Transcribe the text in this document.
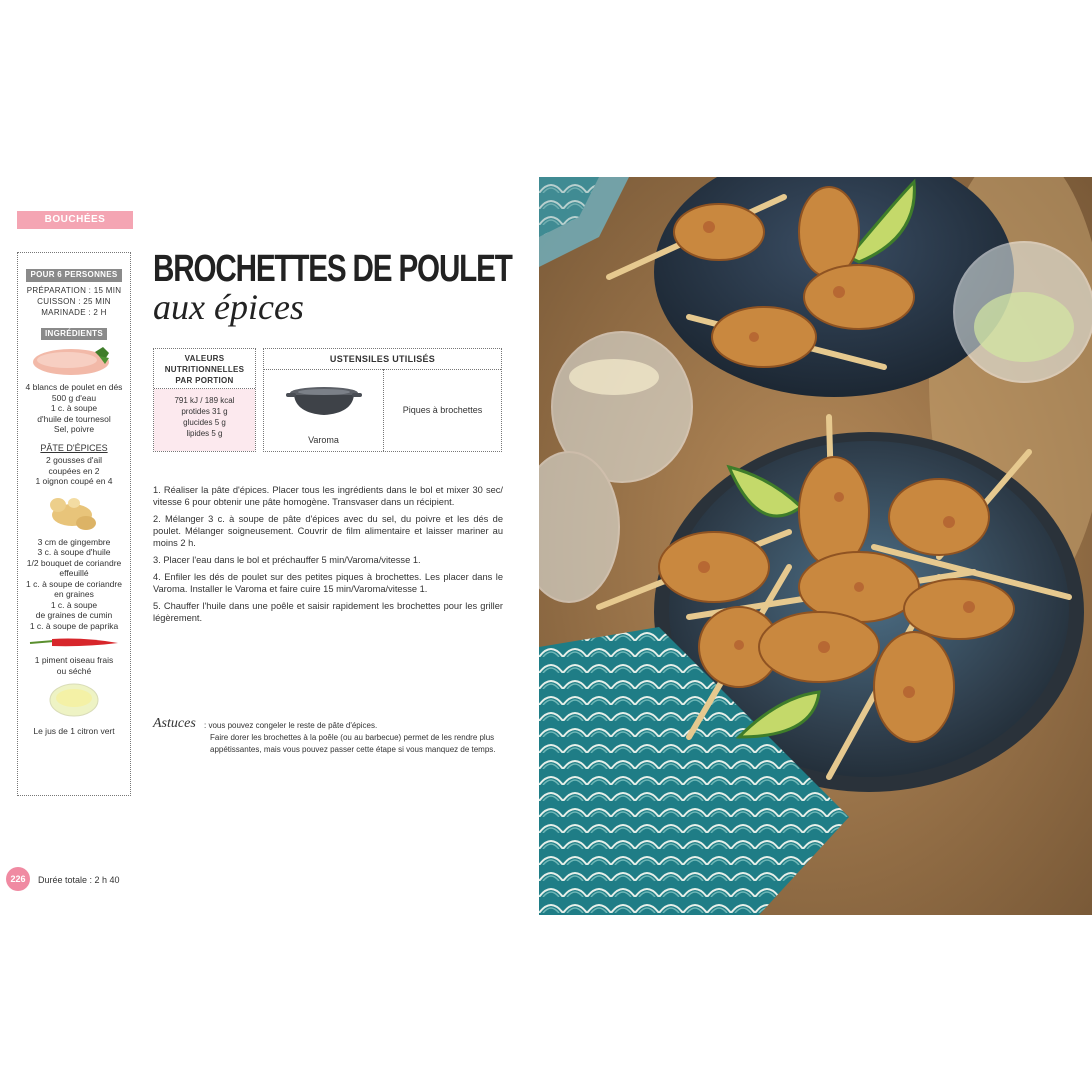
BOUCHÉES
POUR 6 PERSONNES
PRÉPARATION : 15 MIN
CUISSON : 25 MIN
MARINADE : 2 H
INGRÉDIENTS
4 blancs de poulet en dés
500 g d'eau
1 c. à soupe
d'huile de tournesol
Sel, poivre
PÂTE D'ÉPICES
2 gousses d'ail
coupées en 2
1 oignon coupé en 4
3 cm de gingembre
3 c. à soupe d'huile
1/2 bouquet de coriandre
effeuillé
1 c. à soupe de coriandre
en graines
1 c. à soupe
de graines de cumin
1 c. à soupe de paprika
1 piment oiseau frais
ou séché
Le jus de 1 citron vert
BROCHETTES DE POULET
aux épices
VALEURS
NUTRITIONNELLES
PAR PORTION
791 kJ / 189 kcal
protides 31 g
glucides 5 g
lipides 5 g
USTENSILES UTILISÉS
Varoma
Piques à brochettes

1. Réaliser la pâte d'épices. Placer tous les ingrédients dans le bol et mixer 30 sec/ vitesse 6 pour obtenir une pâte homogène. Transvaser dans un récipient.

2. Mélanger 3 c. à soupe de pâte d'épices avec du sel, du poivre et les dés de poulet. Mélanger soigneusement. Couvrir de film alimentaire et laisser mariner au moins 2 h.

3. Placer l'eau dans le bol et préchauffer 5 min/Varoma/vitesse 1.

4. Enfiler les dés de poulet sur des petites piques à brochettes. Les placer dans le Varoma. Installer le Varoma et faire cuire 15 min/Varoma/vitesse 1.

5. Chauffer l'huile dans une poêle et saisir rapidement les brochettes pour les griller légèrement.

Astuces : vous pouvez congeler le reste de pâte d'épices.
Faire dorer les brochettes à la poêle (ou au barbecue) permet de les rendre plus appétissantes, mais vous pouvez passer cette étape si vous manquez de temps.
226	Durée totale : 2 h 40
